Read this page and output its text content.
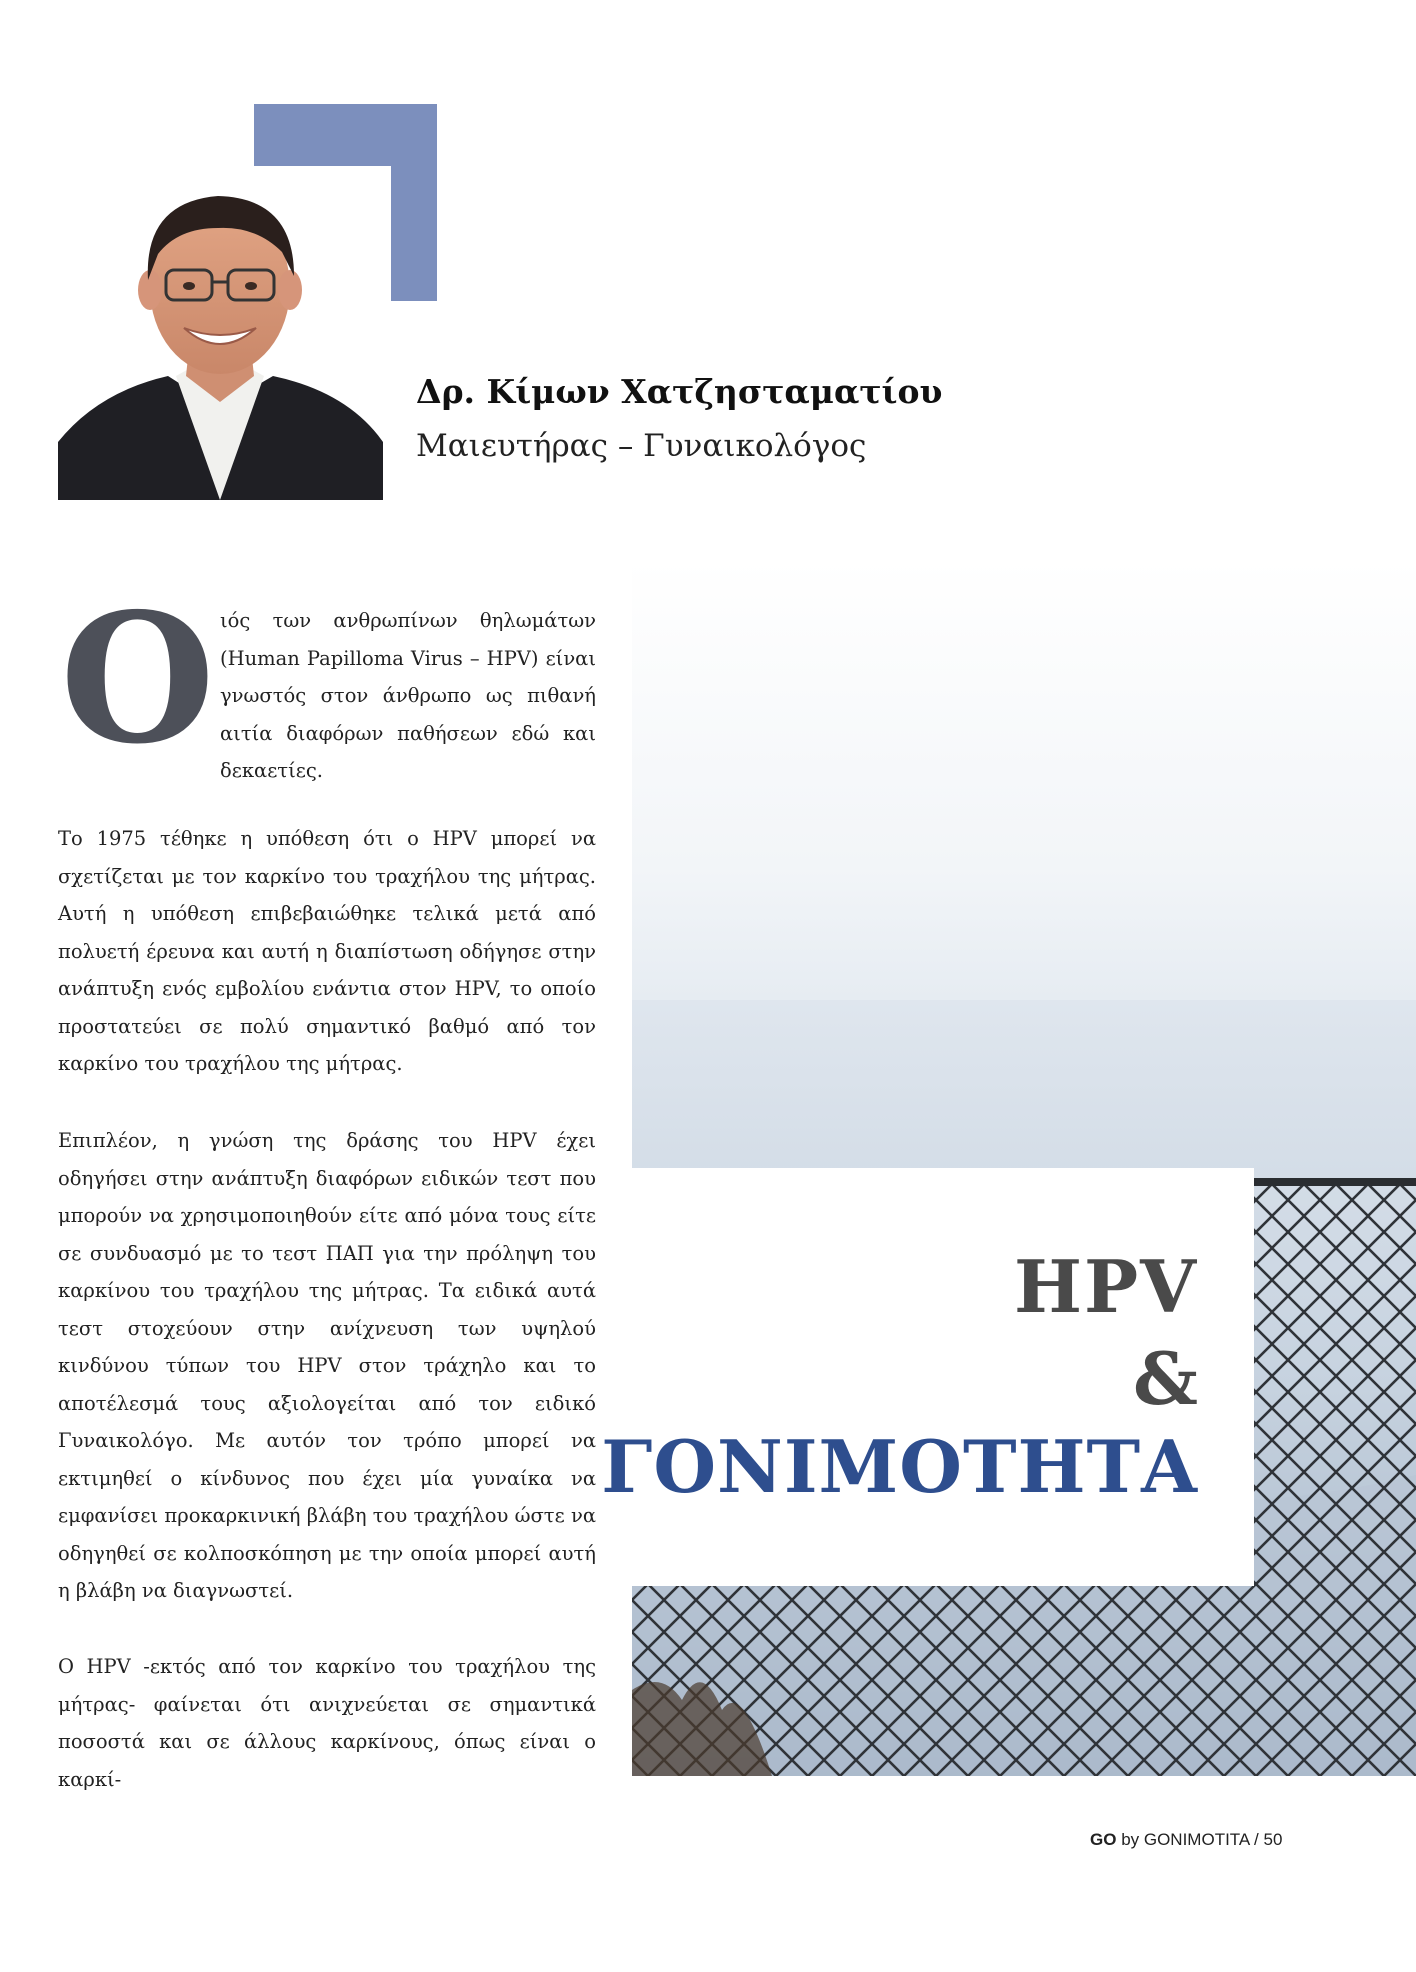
Δρ. Κίμων Χατζησταματίου
Μαιευτήρας – Γυναικολόγος
O ιός των ανθρωπίνων θηλωμάτων (Human Papilloma Virus – HPV) είναι γνωστός στον άνθρωπο ως πιθανή αιτία διαφόρων παθήσεων εδώ και δεκαετίες.
Το 1975 τέθηκε η υπόθεση ότι ο HPV μπορεί να σχετίζεται με τον καρκίνο του τραχήλου της μήτρας. Αυτή η υπόθεση επιβεβαιώθηκε τελικά μετά από πολυετή έρευνα και αυτή η διαπίστωση οδήγησε στην ανάπτυξη ενός εμβολίου ενάντια στον HPV, το οποίο προστατεύει σε πολύ σημαντικό βαθμό από τον καρκίνο του τραχήλου της μήτρας.
Επιπλέον, η γνώση της δράσης του HPV έχει οδηγήσει στην ανάπτυξη διαφόρων ειδικών τεστ που μπορούν να χρησιμοποιηθούν είτε από μόνα τους είτε σε συνδυασμό με το τεστ ΠΑΠ για την πρόληψη του καρκίνου του τραχήλου της μήτρας. Τα ειδικά αυτά τεστ στοχεύουν στην ανίχνευση των υψηλού κινδύνου τύπων του HPV στον τράχηλο και το αποτέλεσμά τους αξιολογείται από τον ειδικό Γυναικολόγο. Με αυτόν τον τρόπο μπορεί να εκτιμηθεί ο κίνδυνος που έχει μία γυναίκα να εμφανίσει προκαρκινική βλάβη του τραχήλου ώστε να οδηγηθεί σε κολποσκόπηση με την οποία μπορεί αυτή η βλάβη να διαγνωστεί.
Ο HPV -εκτός από τον καρκίνο του τραχήλου της μήτρας- φαίνεται ότι ανιχνεύεται σε σημαντικά ποσοστά και σε άλλους καρκίνους, όπως είναι ο καρκί-
HPV
&
ΓΟΝΙΜΟΤΗΤΑ
GO by GONIMOTITA / 50
